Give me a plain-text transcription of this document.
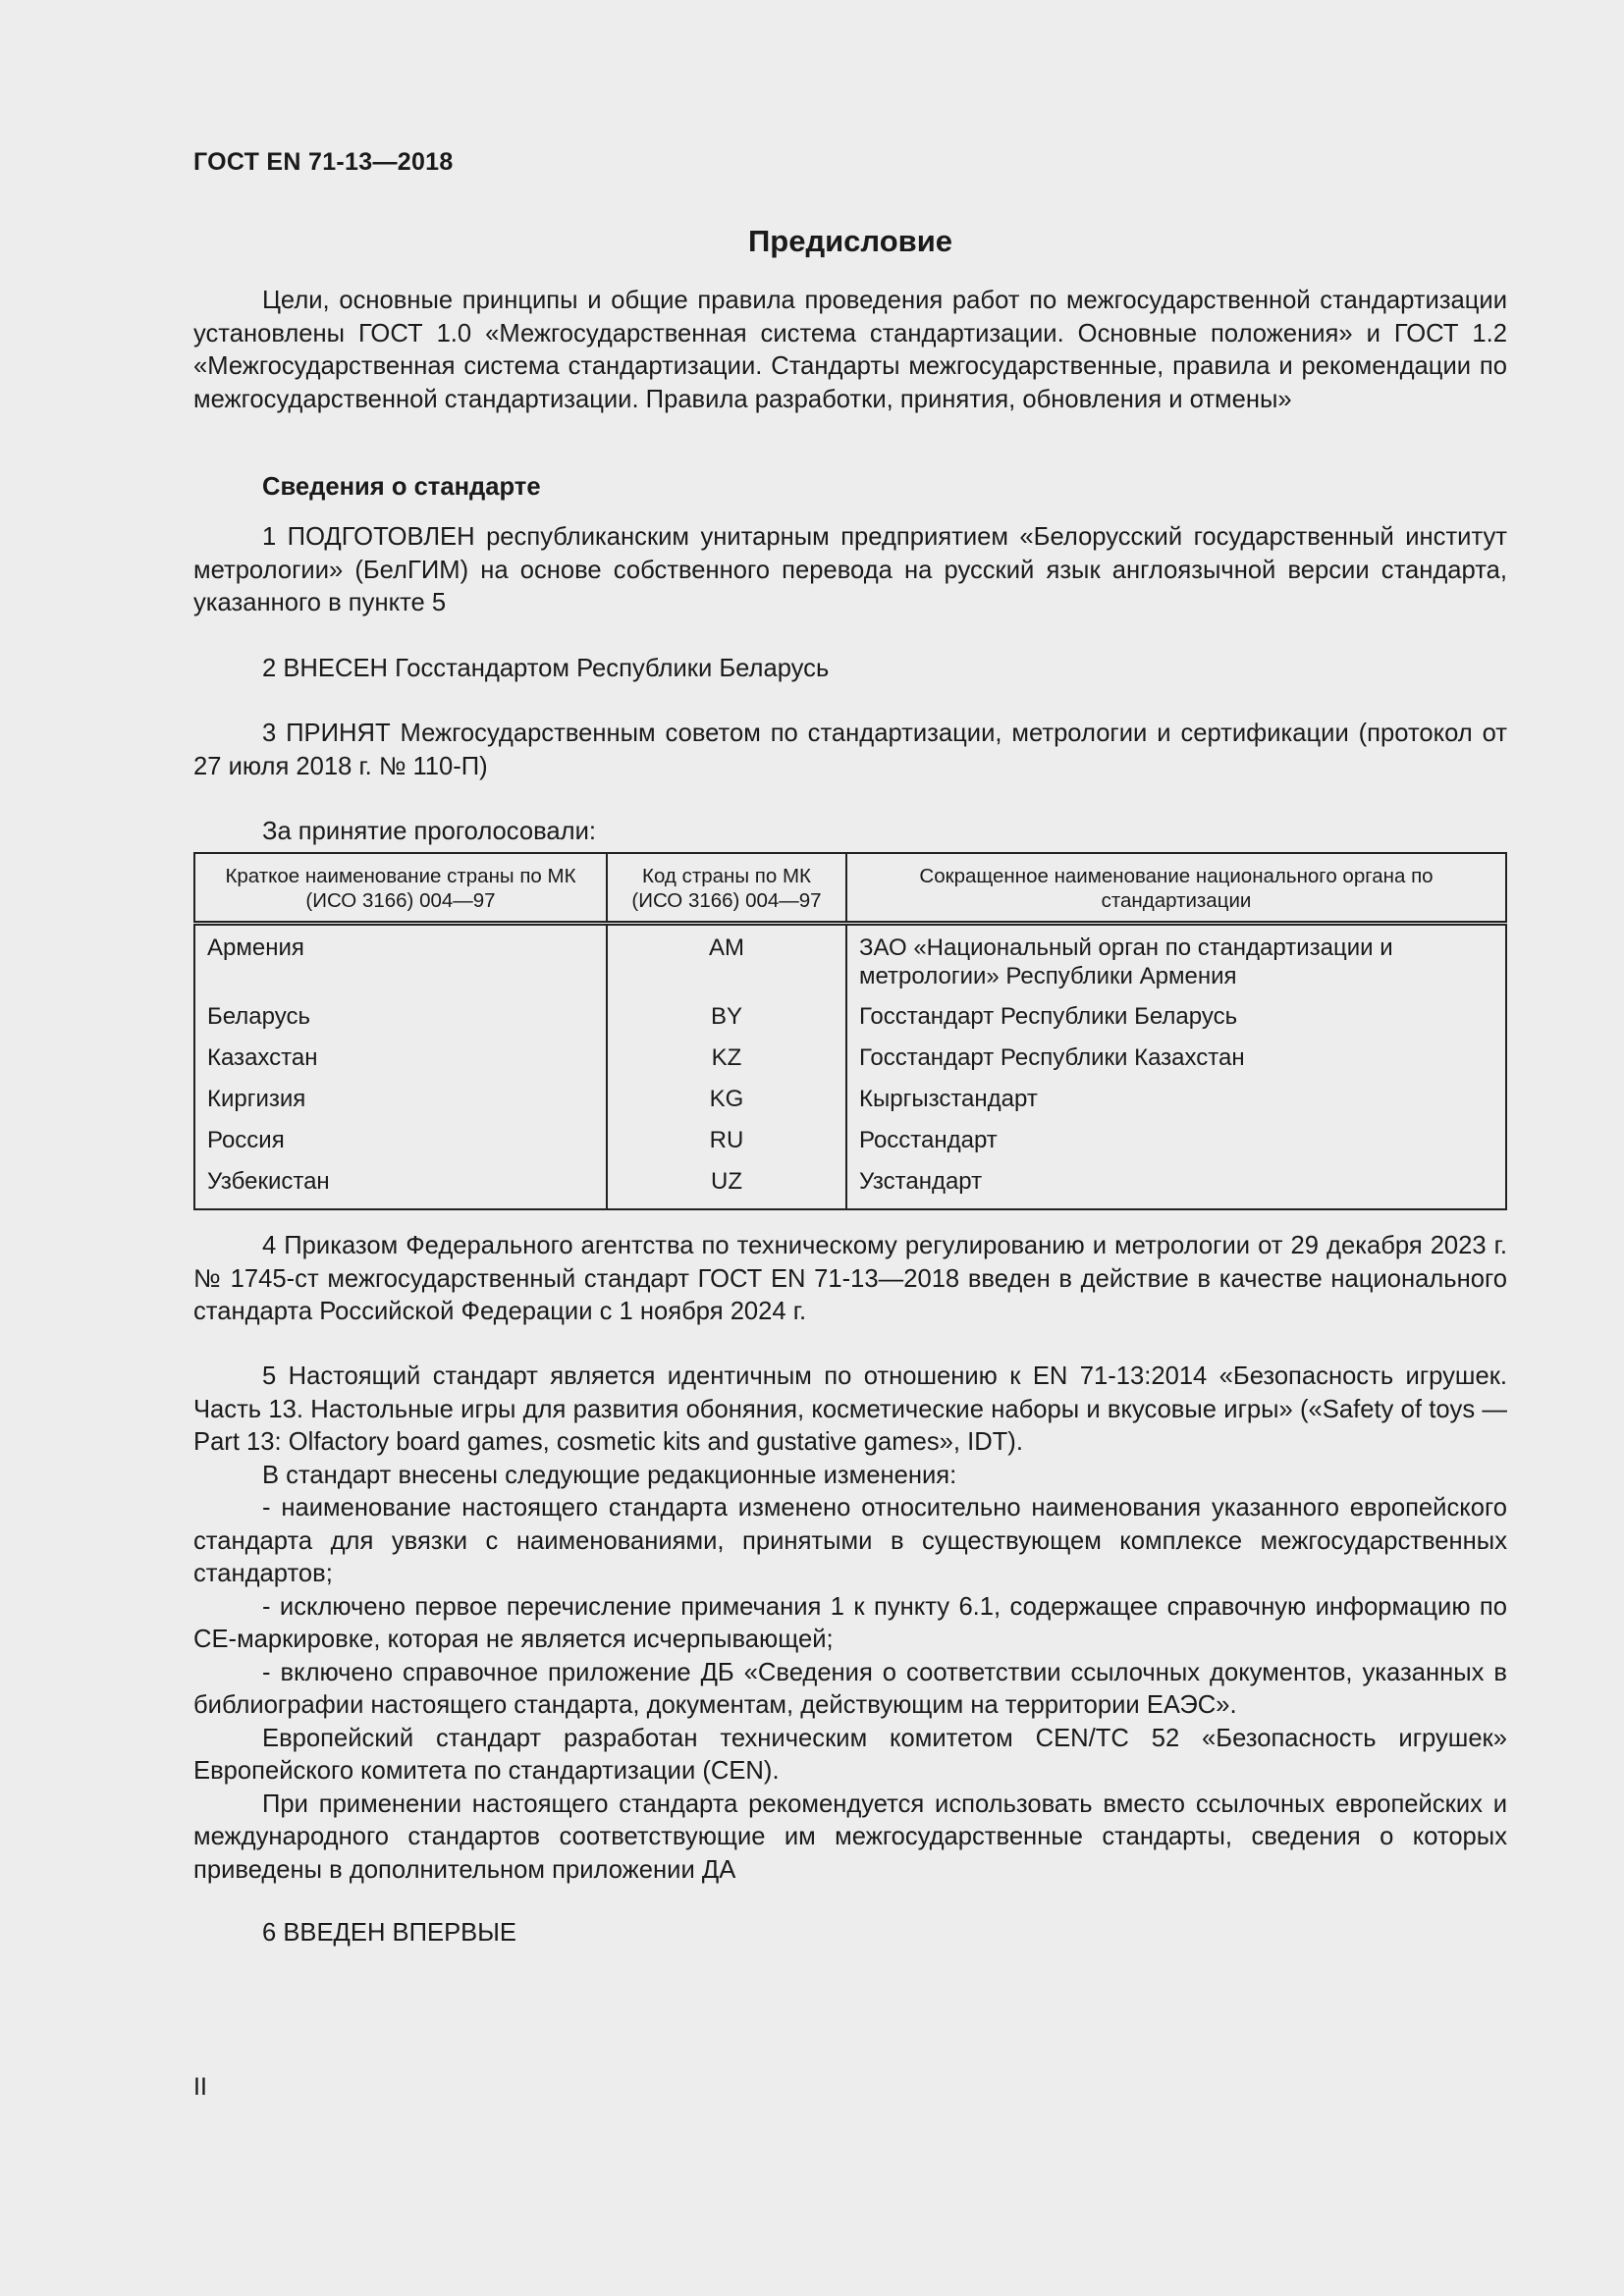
ГОСТ EN 71-13—2018
Предисловие

Цели, основные принципы и общие правила проведения работ по межгосударственной стандартизации установлены ГОСТ 1.0 «Межгосударственная система стандартизации. Основные положения» и ГОСТ 1.2 «Межгосударственная система стандартизации. Стандарты межгосударственные, правила и рекомендации по межгосударственной стандартизации. Правила разработки, принятия, обновления и отмены»

Сведения о стандарте

1 ПОДГОТОВЛЕН республиканским унитарным предприятием «Белорусский государственный институт метрологии» (БелГИМ) на основе собственного перевода на русский язык англоязычной версии стандарта, указанного в пункте 5

2 ВНЕСЕН Госстандартом Республики Беларусь

3 ПРИНЯТ Межгосударственным советом по стандартизации, метрологии и сертификации (протокол от 27 июля 2018 г. № 110-П)

За принятие проголосовали:

Краткое наименование страны по МК (ИСО 3166) 004—97	Код страны по МК (ИСО 3166) 004—97	Сокращенное наименование национального органа по стандартизации
Армения	AM	ЗАО «Национальный орган по стандартизации и метрологии» Республики Армения
Беларусь	BY	Госстандарт Республики Беларусь
Казахстан	KZ	Госстандарт Республики Казахстан
Киргизия	KG	Кыргызстандарт
Россия	RU	Росстандарт
Узбекистан	UZ	Узстандарт

4 Приказом Федерального агентства по техническому регулированию и метрологии от 29 декабря 2023 г. № 1745-ст межгосударственный стандарт ГОСТ EN 71-13—2018 введен в действие в качестве национального стандарта Российской Федерации с 1 ноября 2024 г.

5 Настоящий стандарт является идентичным по отношению к EN 71-13:2014 «Безопасность игрушек. Часть 13. Настольные игры для развития обоняния, косметические наборы и вкусовые игры» («Safety of toys — Part 13: Olfactory board games, cosmetic kits and gustative games», IDT).

В стандарт внесены следующие редакционные изменения:

- наименование настоящего стандарта изменено относительно наименования указанного европейского стандарта для увязки с наименованиями, принятыми в существующем комплексе межгосударственных стандартов;

- исключено первое перечисление примечания 1 к пункту 6.1, содержащее справочную информацию по CE-маркировке, которая не является исчерпывающей;

- включено справочное приложение ДБ «Сведения о соответствии ссылочных документов, указанных в библиографии настоящего стандарта, документам, действующим на территории ЕАЭС».

Европейский стандарт разработан техническим комитетом CEN/TC 52 «Безопасность игрушек» Европейского комитета по стандартизации (CEN).

При применении настоящего стандарта рекомендуется использовать вместо ссылочных европейских и международного стандартов соответствующие им межгосударственные стандарты, сведения о которых приведены в дополнительном приложении ДА

6 ВВЕДЕН ВПЕРВЫЕ

II
